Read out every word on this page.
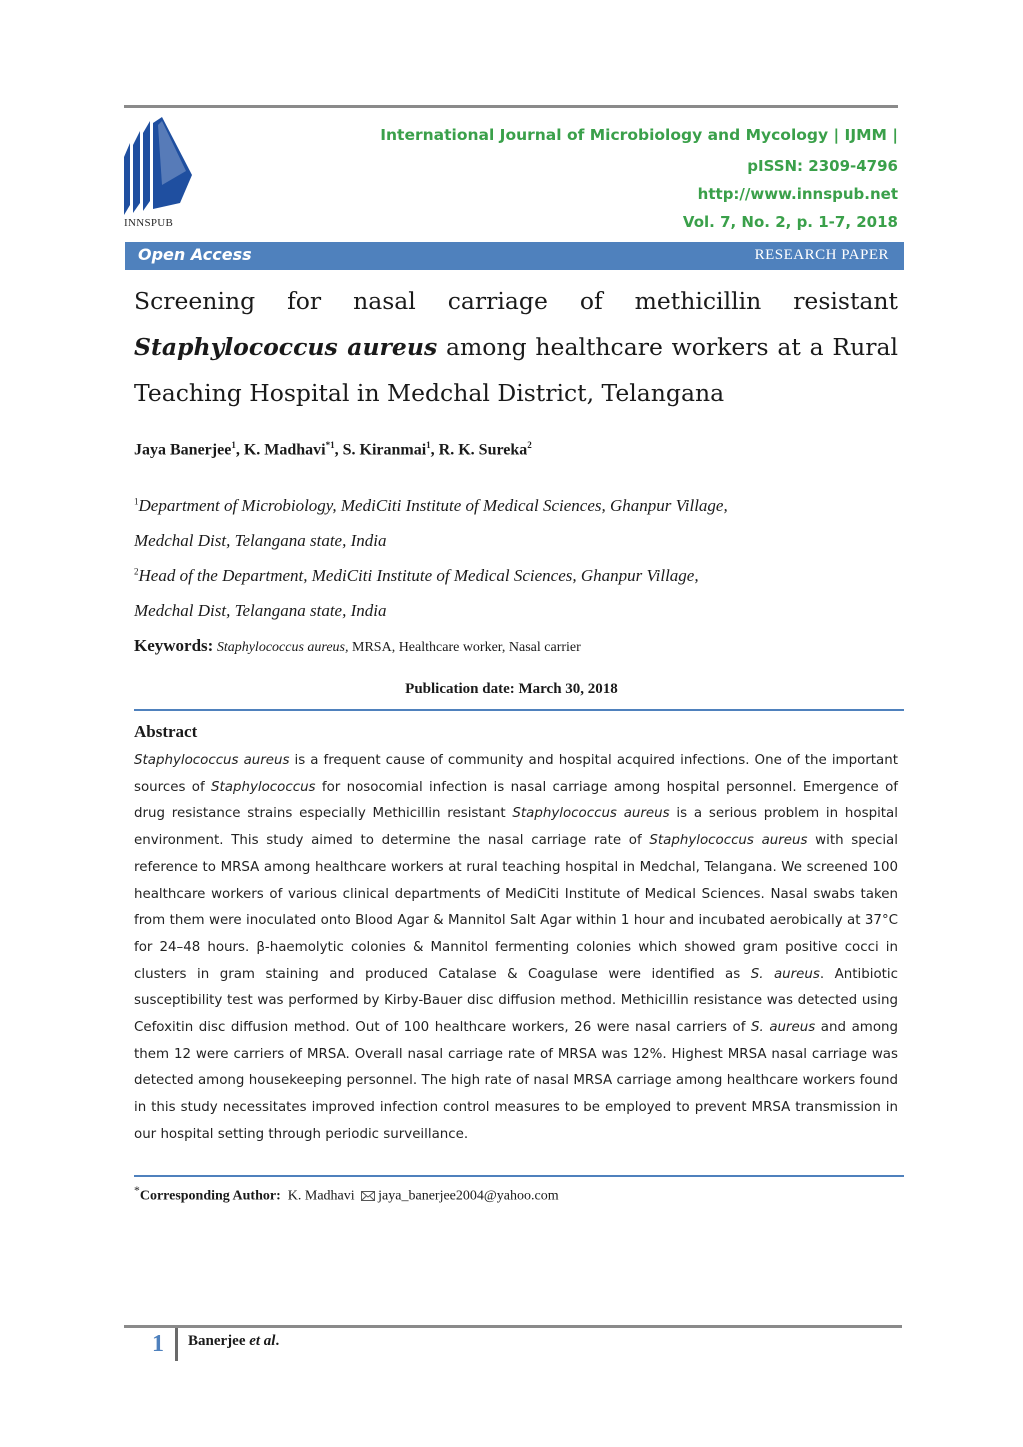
INNSPUB
International Journal of Microbiology and Mycology | IJMM |
pISSN: 2309-4796
http://www.innspub.net
Vol. 7, No. 2, p. 1-7, 2018
Open Access	RESEARCH PAPER
Screening for nasal carriage of methicillin resistant Staphylococcus aureus among healthcare workers at a Rural Teaching Hospital in Medchal District, Telangana
Jaya Banerjee$^1$, K. Madhavi$^{*1}$, S. Kiranmai$^1$, R. K. Sureka$^2$
$^1$Department of Microbiology, MediCiti Institute of Medical Sciences, Ghanpur Village,
Medchal Dist, Telangana state, India
$^2$Head of the Department, MediCiti Institute of Medical Sciences, Ghanpur Village,
Medchal Dist, Telangana state, India
Keywords: Staphylococcus aureus, MRSA, Healthcare worker, Nasal carrier
Publication date: March 30, 2018
Abstract
Staphylococcus aureus is a frequent cause of community and hospital acquired infections. One of the important sources of Staphylococcus for nosocomial infection is nasal carriage among hospital personnel. Emergence of drug resistance strains especially Methicillin resistant Staphylococcus aureus is a serious problem in hospital environment. This study aimed to determine the nasal carriage rate of Staphylococcus aureus with special reference to MRSA among healthcare workers at rural teaching hospital in Medchal, Telangana. We screened 100 healthcare workers of various clinical departments of MediCiti Institute of Medical Sciences. Nasal swabs taken from them were inoculated onto Blood Agar & Mannitol Salt Agar within 1 hour and incubated aerobically at 37°C for 24–48 hours. β-haemolytic colonies & Mannitol fermenting colonies which showed gram positive cocci in clusters in gram staining and produced Catalase & Coagulase were identified as S. aureus. Antibiotic susceptibility test was performed by Kirby-Bauer disc diffusion method. Methicillin resistance was detected using Cefoxitin disc diffusion method. Out of 100 healthcare workers, 26 were nasal carriers of S. aureus and among them 12 were carriers of MRSA. Overall nasal carriage rate of MRSA was 12%. Highest MRSA nasal carriage was detected among housekeeping personnel. The high rate of nasal MRSA carriage among healthcare workers found in this study necessitates improved infection control measures to be employed to prevent MRSA transmission in our hospital setting through periodic surveillance.
*Corresponding Author: K. Madhavi jaya_banerjee2004@yahoo.com
1 Banerjee et al.
